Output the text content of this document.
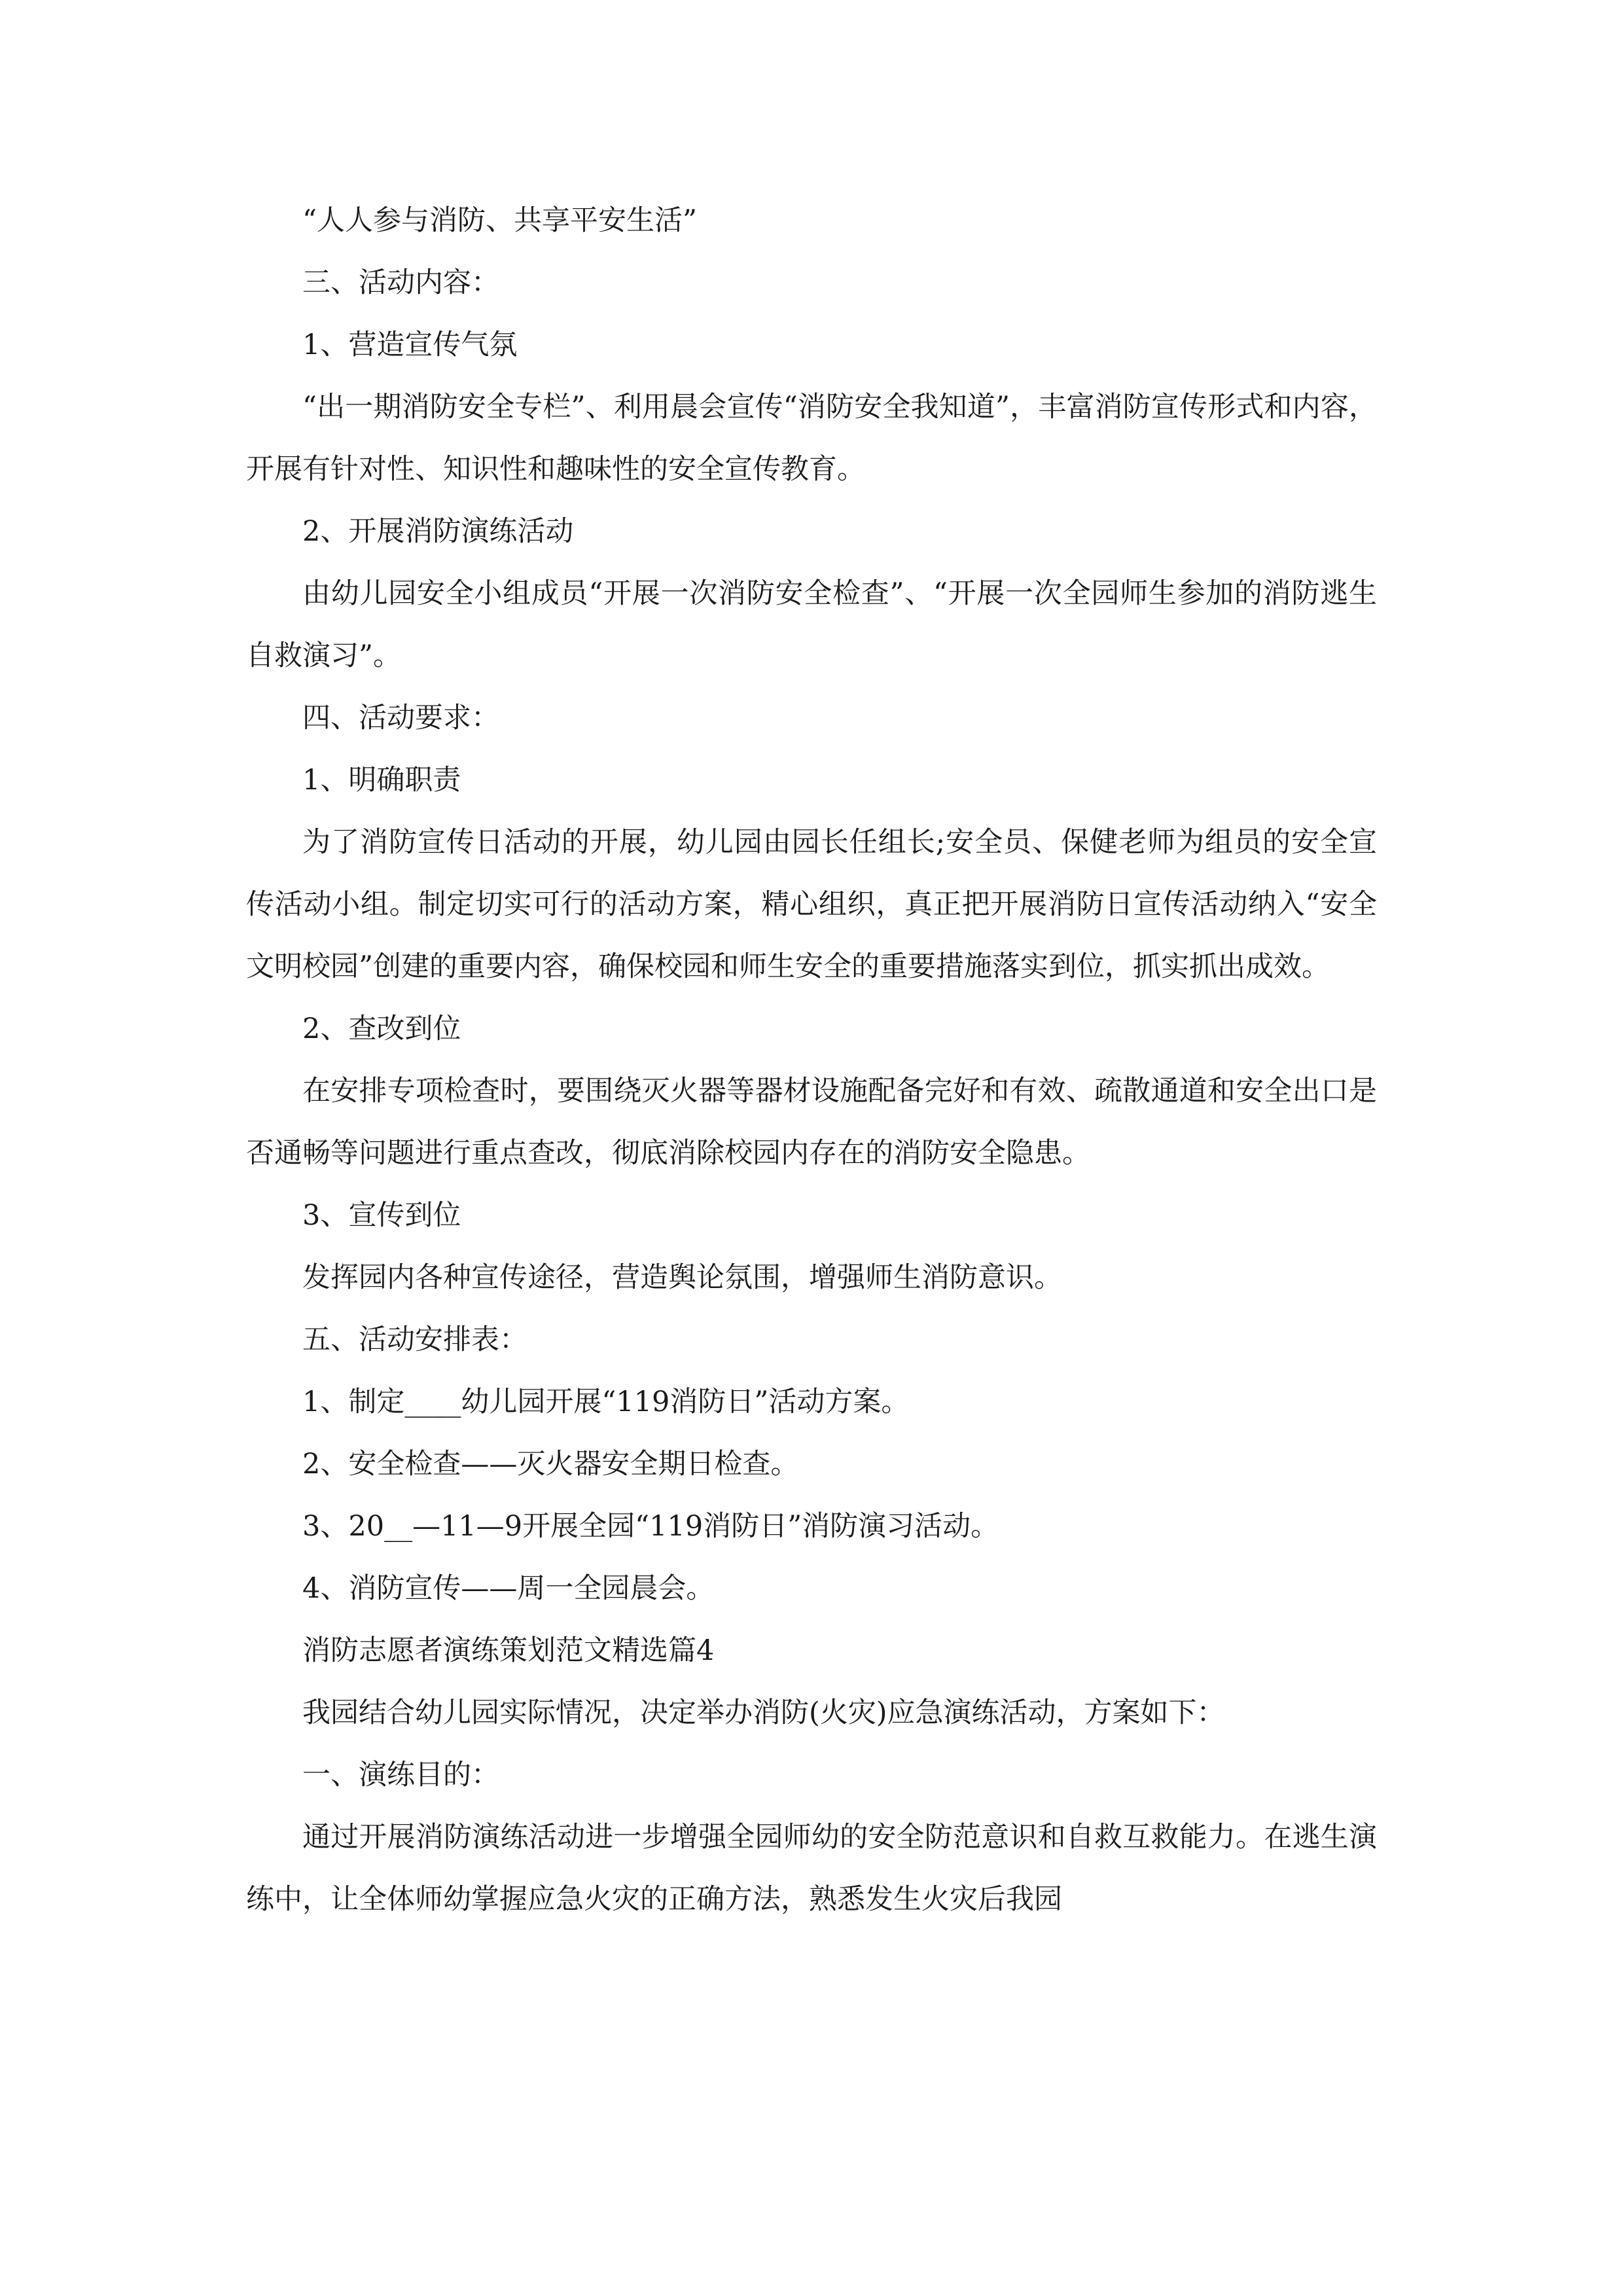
“人人参与消防、共享平安生活”

三、活动内容：

1、营造宣传气氛

“出一期消防安全专栏”、利用晨会宣传“消防安全我知道”，丰富消防宣传形式和内容，开展有针对性、知识性和趣味性的安全宣传教育。

2、开展消防演练活动

由幼儿园安全小组成员“开展一次消防安全检查”、“开展一次全园师生参加的消防逃生自救演习”。

四、活动要求：

1、明确职责

为了消防宣传日活动的开展，幼儿园由园长任组长;安全员、保健老师为组员的安全宣传活动小组。制定切实可行的活动方案，精心组织，真正把开展消防日宣传活动纳入“安全文明校园”创建的重要内容，确保校园和师生安全的重要措施落实到位，抓实抓出成效。

2、查改到位

在安排专项检查时，要围绕灭火器等器材设施配备完好和有效、疏散通道和安全出口是否通畅等问题进行重点查改，彻底消除校园内存在的消防安全隐患。

3、宣传到位

发挥园内各种宣传途径，营造舆论氛围，增强师生消防意识。

五、活动安排表：

1、制定____幼儿园开展“119消防日”活动方案。

2、安全检查——灭火器安全期日检查。

3、20__—11—9开展全园“119消防日”消防演习活动。

4、消防宣传——周一全园晨会。

消防志愿者演练策划范文精选篇4

我园结合幼儿园实际情况，决定举办消防(火灾)应急演练活动，方案如下：

一、演练目的：

通过开展消防演练活动进一步增强全园师幼的安全防范意识和自救互救能力。在逃生演练中，让全体师幼掌握应急火灾的正确方法，熟悉发生火灾后我园
